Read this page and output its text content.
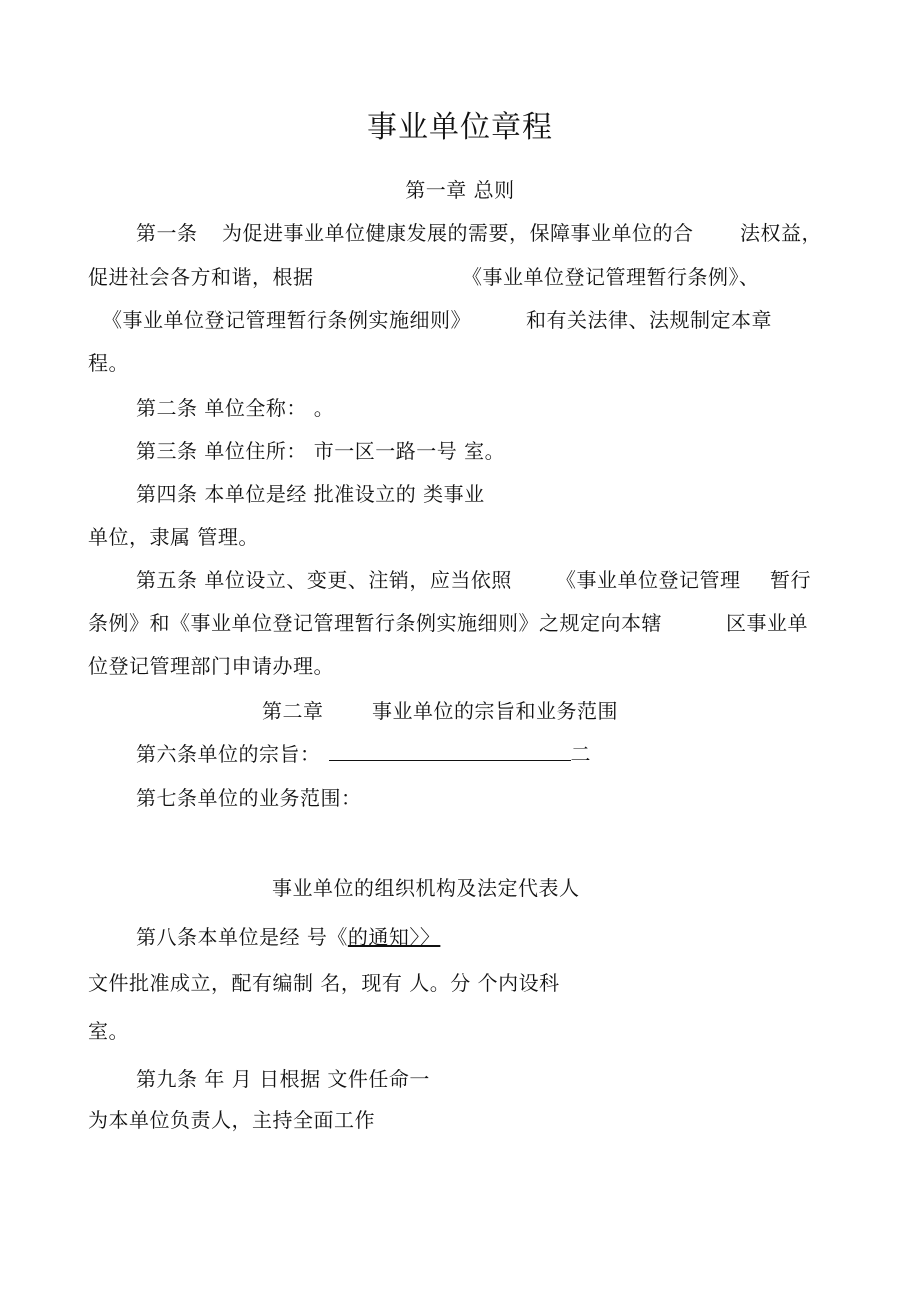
事业单位章程
第一章 总则
第一条 为促进事业单位健康发展的需要，保障事业单位的合 法权益，
促进社会各方和谐，根据	《事业单位登记管理暂行条例》、
《事业单位登记管理暂行条例实施细则》	和有关法律、法规制定本章
程。
第二条 单位全称： 。
第三条 单位住所： 市一区一路一号 室。
第四条 本单位是经 批准设立的 类事业
单位，隶属 管理。
第五条 单位设立、变更、注销，应当依照 《事业单位登记管理 暂行
条例》和《事业单位登记管理暂行条例实施细则》之规定向本辖	区事业单
位登记管理部门申请办理。
第二章 事业单位的宗旨和业务范围
第六条单位的宗旨：	二
第七条单位的业务范围：
事业单位的组织机构及法定代表人
第八条本单位是经 号《的通知〉〉
文件批准成立，配有编制 名，现有 人。分 个内设科
室。
第九条 年 月 日根据 文件任命一
为本单位负责人，主持全面工作
